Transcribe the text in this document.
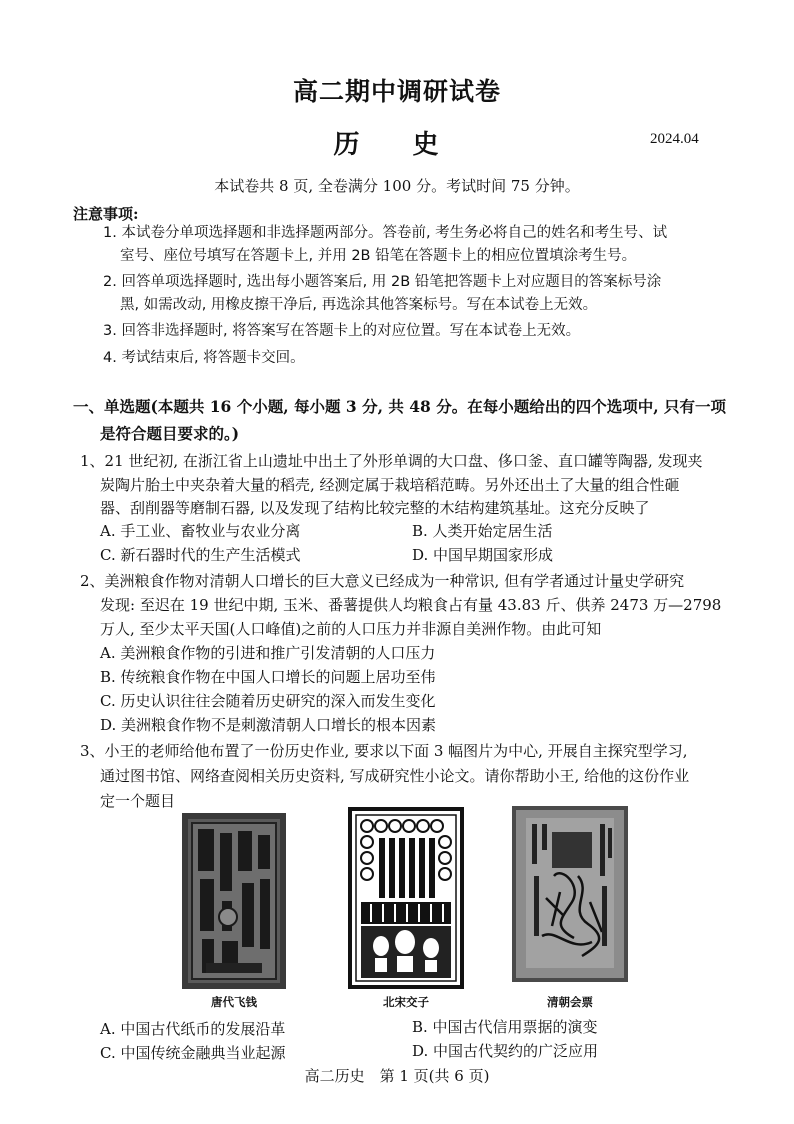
高二期中调研试卷
历 史	2024.04
本试卷共 8 页, 全卷满分 100 分。考试时间 75 分钟。
注意事项:
1. 本试卷分单项选择题和非选择题两部分。答卷前, 考生务必将自己的姓名和考生号、试
室号、座位号填写在答题卡上, 并用 2B 铅笔在答题卡上的相应位置填涂考生号。
2. 回答单项选择题时, 选出每小题答案后, 用 2B 铅笔把答题卡上对应题目的答案标号涂
黑, 如需改动, 用橡皮擦干净后, 再选涂其他答案标号。写在本试卷上无效。
3. 回答非选择题时, 将答案写在答题卡上的对应位置。写在本试卷上无效。
4. 考试结束后, 将答题卡交回。
一、单选题(本题共 16 个小题, 每小题 3 分, 共 48 分。在每小题给出的四个选项中, 只有一项
是符合题目要求的。)
1、21 世纪初, 在浙江省上山遗址中出土了外形单调的大口盘、侈口釜、直口罐等陶器, 发现夹
炭陶片胎土中夹杂着大量的稻壳, 经测定属于栽培稻范畴。另外还出土了大量的组合性砸
器、刮削器等磨制石器, 以及发现了结构比较完整的木结构建筑基址。这充分反映了
A. 手工业、畜牧业与农业分离	B. 人类开始定居生活
C. 新石器时代的生产生活模式	D. 中国早期国家形成
2、美洲粮食作物对清朝人口增长的巨大意义已经成为一种常识, 但有学者通过计量史学研究
发现: 至迟在 19 世纪中期, 玉米、番薯提供人均粮食占有量 43.83 斤、供养 2473 万—2798
万人, 至少太平天国(人口峰值)之前的人口压力并非源自美洲作物。由此可知
A. 美洲粮食作物的引进和推广引发清朝的人口压力
B. 传统粮食作物在中国人口增长的问题上居功至伟
C. 历史认识往往会随着历史研究的深入而发生变化
D. 美洲粮食作物不是刺激清朝人口增长的根本因素
3、小王的老师给他布置了一份历史作业, 要求以下面 3 幅图片为中心, 开展自主探究型学习,
通过图书馆、网络查阅相关历史资料, 写成研究性小论文。请你帮助小王, 给他的这份作业
定一个题目
唐代飞钱	北宋交子	清朝会票
A. 中国古代纸币的发展沿革	B. 中国古代信用票据的演变
C. 中国传统金融典当业起源	D. 中国古代契约的广泛应用
高二历史　第 1 页(共 6 页)
